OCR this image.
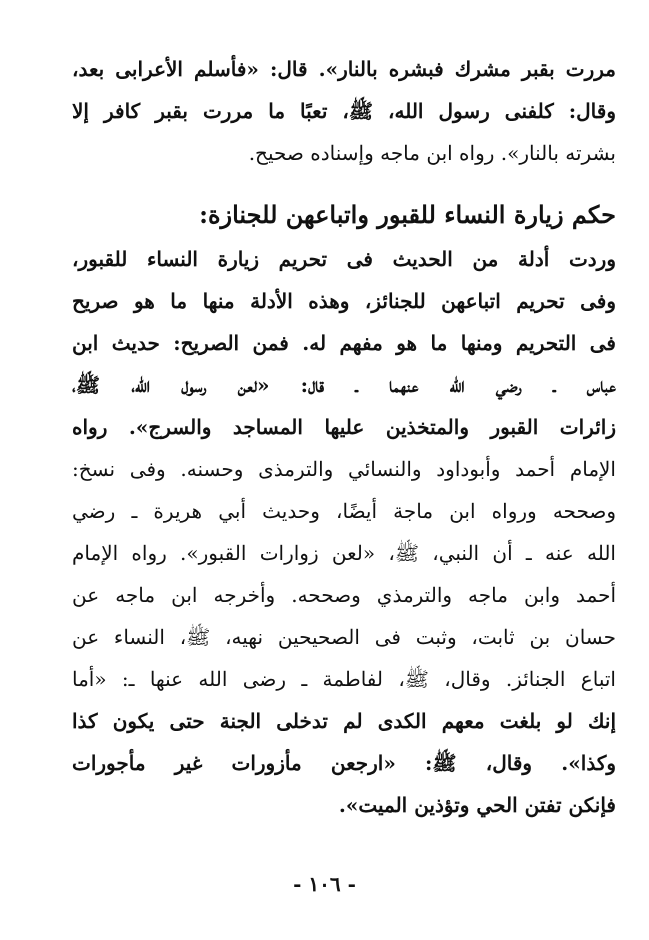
مررت بقبر مشرك فبشره بالنار». قال: «فأسلم الأعرابى بعد،
وقال: كلفنى رسول الله، ﷺ، تعبًا ما مررت بقبر كافر إلا
بشرته بالنار». رواه ابن ماجه وإسناده صحيح.
حكم زيارة النساء للقبور واتباعهن للجنازة:
وردت أدلة من الحديث فى تحريم زيارة النساء للقبور،
وفى تحريم اتباعهن للجنائز، وهذه الأدلة منها ما هو صريح
فى التحريم ومنها ما هو مفهم له. فمن الصريح: حديث ابن
عباس ـ رضي الله عنهما ـ قال: «لعن رسول الله، ﷺ،
زائرات القبور والمتخذين عليها المساجد والسرج». رواه
الإمام أحمد وأبوداود والنسائي والترمذى وحسنه. وفى نسخ:
وصححه ورواه ابن ماجة أيضًا، وحديث أبي هريرة ـ رضي
الله عنه ـ أن النبي، ﷺ، «لعن زوارات القبور». رواه الإمام
أحمد وابن ماجه والترمذي وصححه. وأخرجه ابن ماجه عن
حسان بن ثابت، وثبت فى الصحيحين نهيه، ﷺ، النساء عن
اتباع الجنائز. وقال، ﷺ، لفاطمة ـ رضى الله عنها ـ: «أما
إنك لو بلغت معهم الكدى لم تدخلى الجنة حتى يكون كذا
وكذا». وقال، ﷺ: «ارجعن مأزورات غير مأجورات
فإنكن تفتن الحي وتؤذين الميت».
- ١٠٦ -
